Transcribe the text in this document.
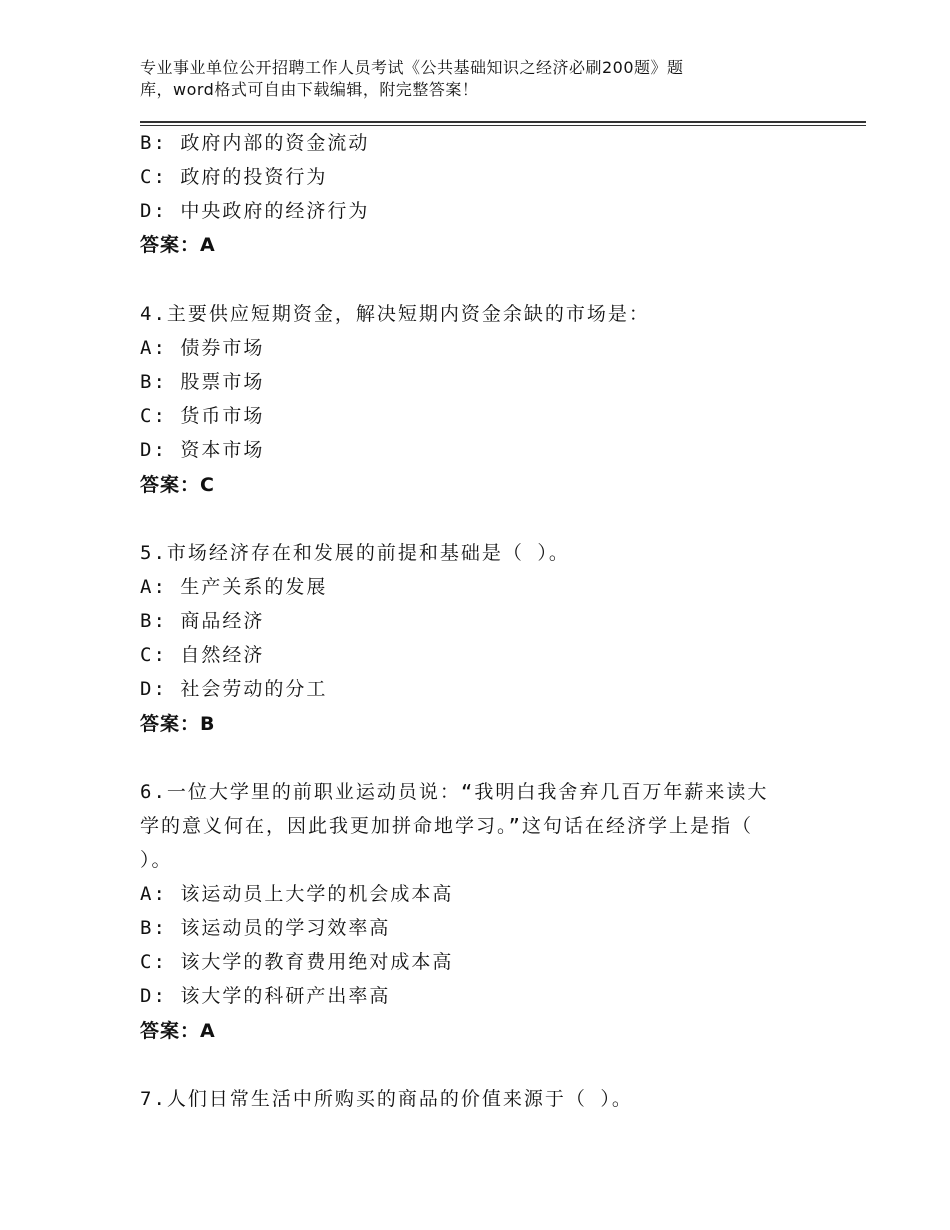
专业事业单位公开招聘工作人员考试《公共基础知识之经济必刷200题》题
库，word格式可自由下载编辑，附完整答案！
B: 政府内部的资金流动
C: 政府的投资行为
D: 中央政府的经济行为
答案：A
4.主要供应短期资金，解决短期内资金余缺的市场是：
A: 债券市场
B: 股票市场
C: 货币市场
D: 资本市场
答案：C
5.市场经济存在和发展的前提和基础是（ ）。
A: 生产关系的发展
B: 商品经济
C: 自然经济
D: 社会劳动的分工
答案：B
6.一位大学里的前职业运动员说：“我明白我舍弃几百万年薪来读大
学的意义何在，因此我更加拼命地学习。”这句话在经济学上是指（
）。
A: 该运动员上大学的机会成本高
B: 该运动员的学习效率高
C: 该大学的教育费用绝对成本高
D: 该大学的科研产出率高
答案：A
7.人们日常生活中所购买的商品的价值来源于（ ）。
